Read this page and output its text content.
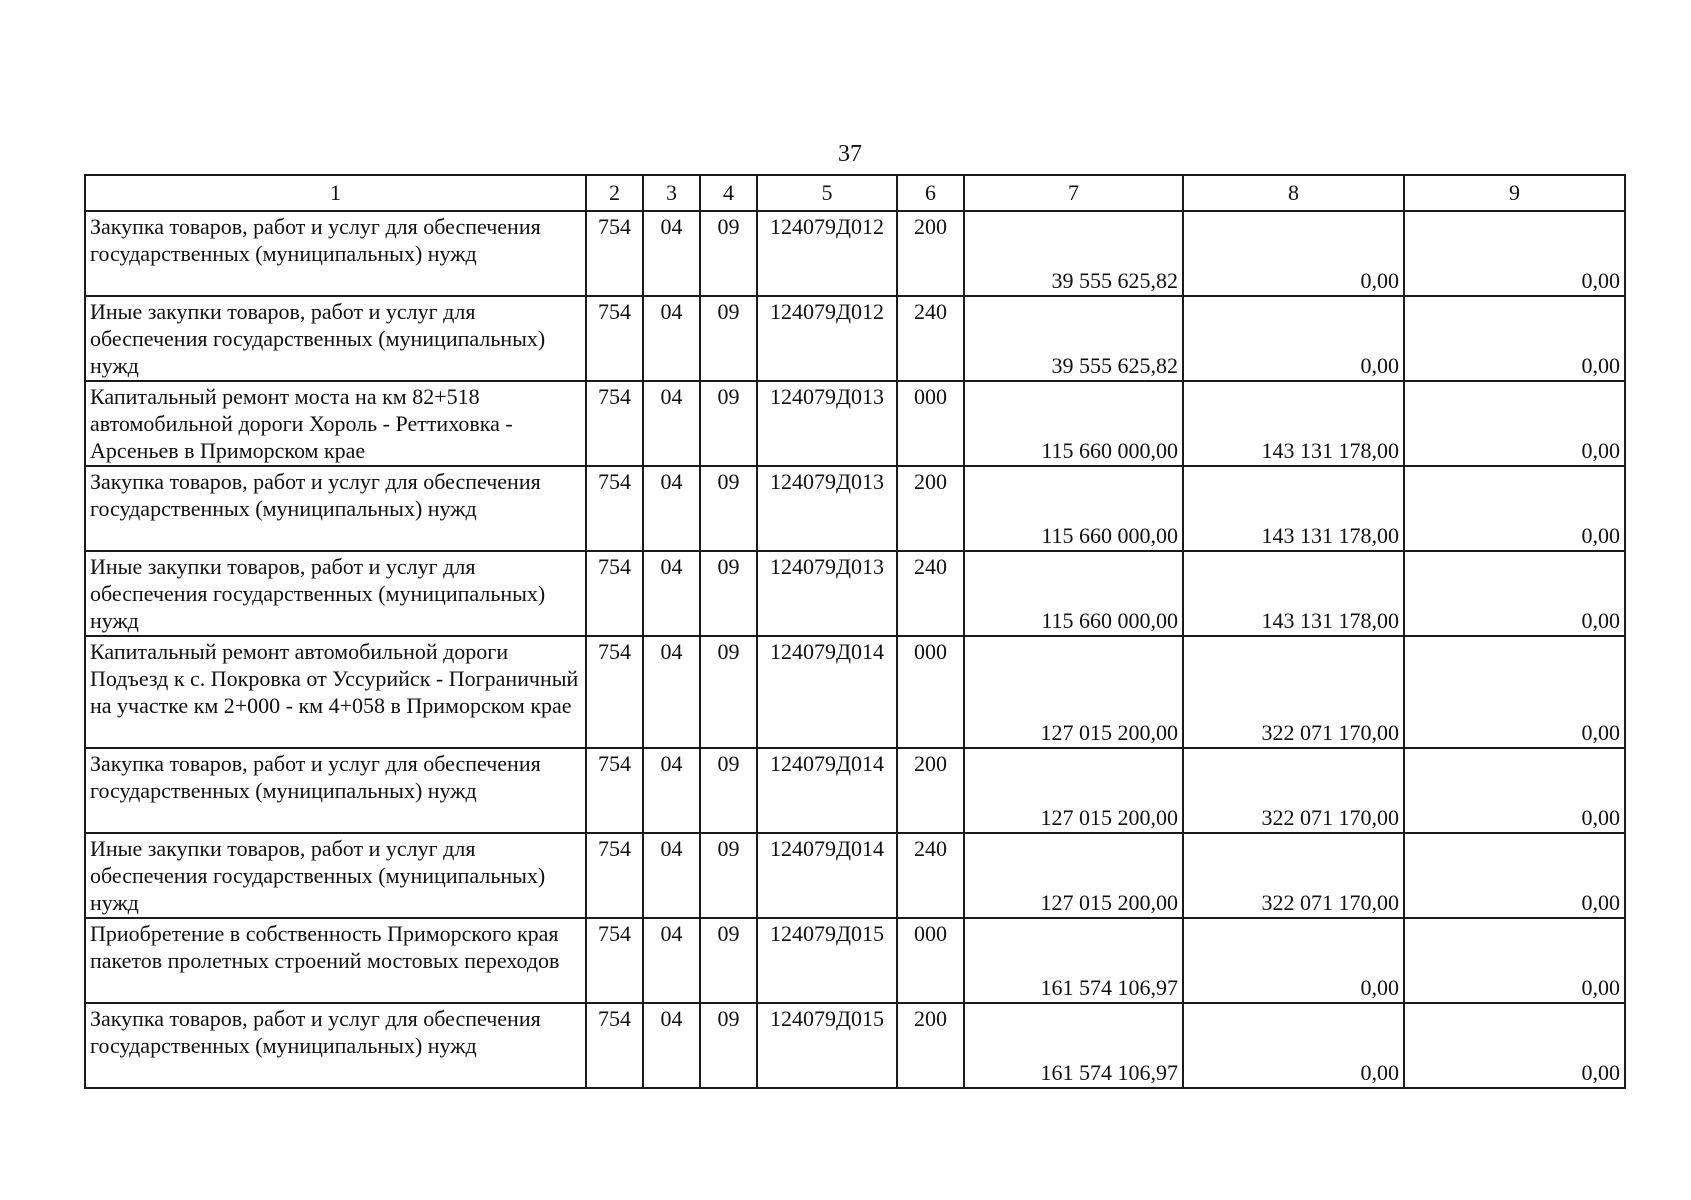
37
1	2	3	4	5	6	7	8	9
Закупка товаров, работ и услуг для обеспечения государственных (муниципальных) нужд	754	04	09	124079Д012	200	39 555 625,82	0,00	0,00
Иные закупки товаров, работ и услуг для обеспечения государственных (муниципальных) нужд	754	04	09	124079Д012	240	39 555 625,82	0,00	0,00
Капитальный ремонт моста на км 82+518 автомобильной дороги Хороль - Реттиховка - Арсеньев в Приморском крае	754	04	09	124079Д013	000	115 660 000,00	143 131 178,00	0,00
Закупка товаров, работ и услуг для обеспечения государственных (муниципальных) нужд	754	04	09	124079Д013	200	115 660 000,00	143 131 178,00	0,00
Иные закупки товаров, работ и услуг для обеспечения государственных (муниципальных) нужд	754	04	09	124079Д013	240	115 660 000,00	143 131 178,00	0,00
Капитальный ремонт автомобильной дороги Подъезд к с. Покровка от Уссурийск - Пограничный на участке км 2+000 - км 4+058 в Приморском крае	754	04	09	124079Д014	000	127 015 200,00	322 071 170,00	0,00
Закупка товаров, работ и услуг для обеспечения государственных (муниципальных) нужд	754	04	09	124079Д014	200	127 015 200,00	322 071 170,00	0,00
Иные закупки товаров, работ и услуг для обеспечения государственных (муниципальных) нужд	754	04	09	124079Д014	240	127 015 200,00	322 071 170,00	0,00
Приобретение в собственность Приморского края пакетов пролетных строений мостовых переходов	754	04	09	124079Д015	000	161 574 106,97	0,00	0,00
Закупка товаров, работ и услуг для обеспечения государственных (муниципальных) нужд	754	04	09	124079Д015	200	161 574 106,97	0,00	0,00
